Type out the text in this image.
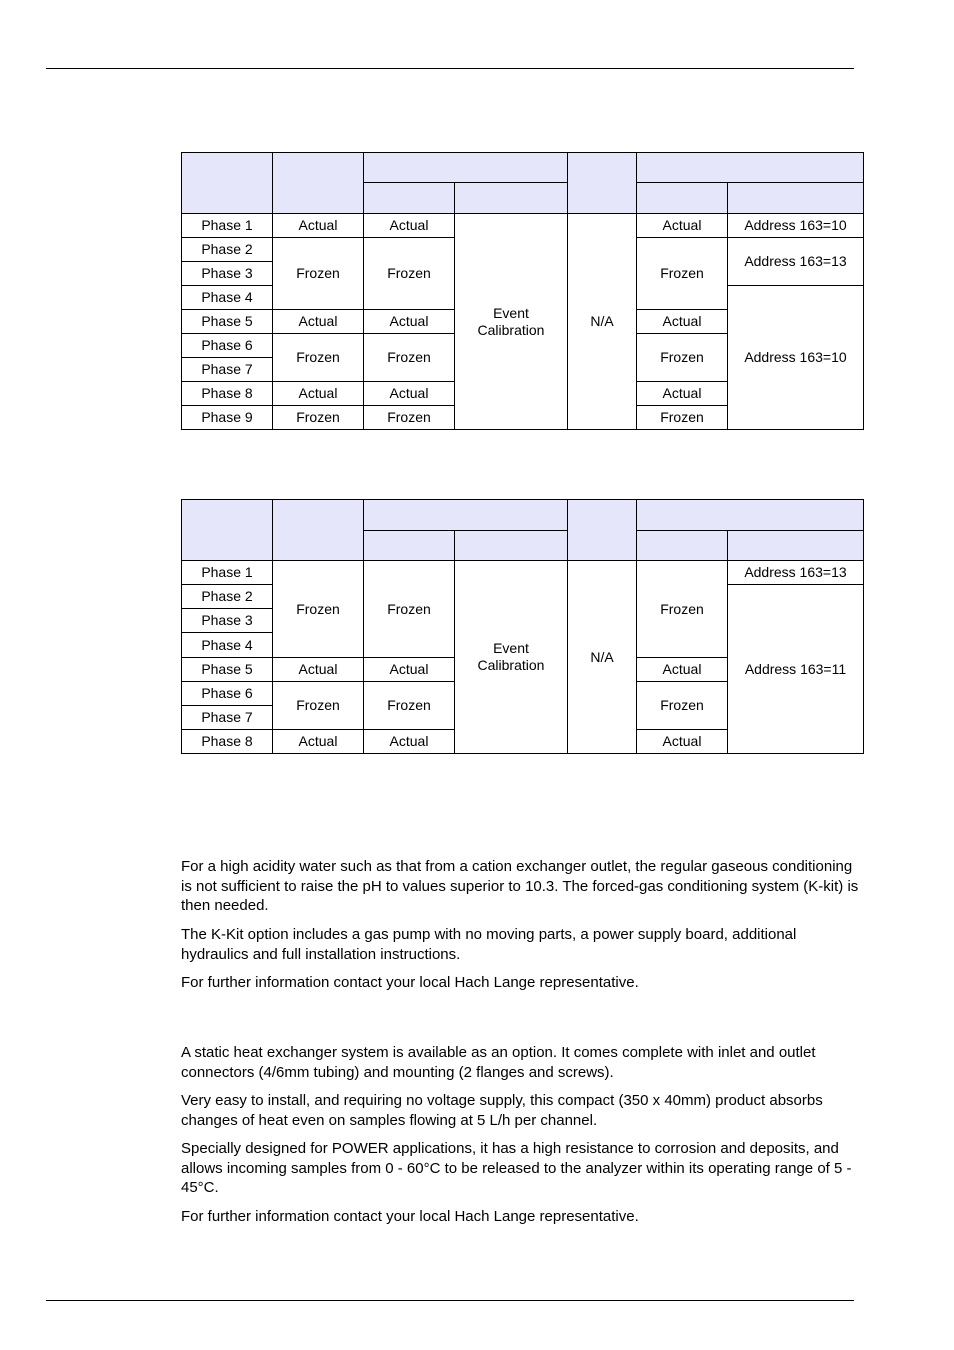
Phase 1
Phase 2
Phase 3
Phase 4
Phase 5
Phase 6
Phase 7
Phase 8
Phase 9
Actual
Frozen
Actual
Frozen
Actual
Frozen
Actual
Frozen
Actual
Frozen
Actual
Frozen
Event
Calibration
N/A
Actual
Frozen
Actual
Frozen
Actual
Frozen
Address 163=10
Address 163=13
Address 163=10
Phase 1
Phase 2
Phase 3
Phase 4
Phase 5
Phase 6
Phase 7
Phase 8
Frozen
Actual
Frozen
Actual
Frozen
Actual
Frozen
Actual
Event
Calibration
N/A
Frozen
Actual
Frozen
Actual
Address 163=13
Address 163=11

For a high acidity water such as that from a cation exchanger outlet, the regular gaseous conditioning is not sufficient to raise the pH to values superior to 10.3. The forced-gas conditioning system (K-kit) is then needed.

The K-Kit option includes a gas pump with no moving parts, a power supply board, additional hydraulics and full installation instructions.

For further information contact your local Hach Lange representative.

A static heat exchanger system is available as an option. It comes complete with inlet and outlet connectors (4/6mm tubing) and mounting (2 flanges and screws).

Very easy to install, and requiring no voltage supply, this compact (350 x 40mm) product absorbs changes of heat even on samples flowing at 5 L/h per channel.

Specially designed for POWER applications, it has a high resistance to corrosion and deposits, and allows incoming samples from 0 - 60°C to be released to the analyzer within its operating range of 5 - 45°C.

For further information contact your local Hach Lange representative.
